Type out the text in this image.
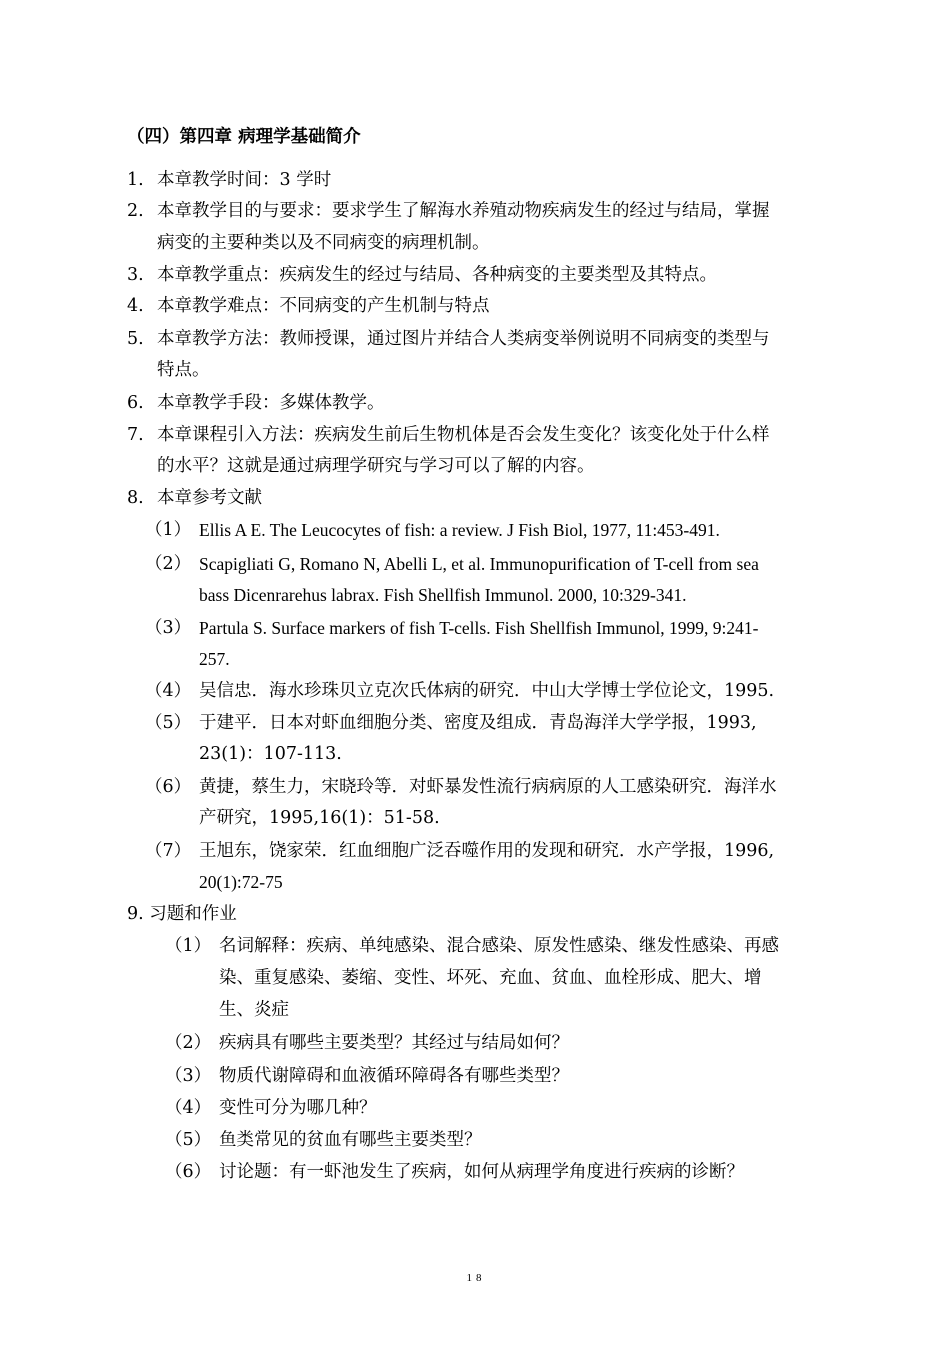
（四）第四章 病理学基础简介
1. 本章教学时间：3 学时
2. 本章教学目的与要求：要求学生了解海水养殖动物疾病发生的经过与结局，掌握
病变的主要种类以及不同病变的病理机制。
3. 本章教学重点：疾病发生的经过与结局、各种病变的主要类型及其特点。
4. 本章教学难点：不同病变的产生机制与特点
5. 本章教学方法：教师授课，通过图片并结合人类病变举例说明不同病变的类型与
特点。
6. 本章教学手段：多媒体教学。
7. 本章课程引入方法：疾病发生前后生物机体是否会发生变化？该变化处于什么样
的水平？这就是通过病理学研究与学习可以了解的内容。
8. 本章参考文献
（1） Ellis A E. The Leucocytes of fish: a review. J Fish Biol, 1977, 11:453-491.
（2） Scapigliati G, Romano N, Abelli L, et al. Immunopurification of T-cell from sea
bass Dicenrarehus labrax. Fish Shellfish Immunol. 2000, 10:329-341.
（3） Partula S. Surface markers of fish T-cells. Fish Shellfish Immunol, 1999, 9:241-
257.
（4） 吴信忠．海水珍珠贝立克次氏体病的研究．中山大学博士学位论文，1995.
（5） 于建平．日本对虾血细胞分类、密度及组成．青岛海洋大学学报，1993,
23(1)：107-113.
（6） 黄捷，蔡生力，宋晓玲等．对虾暴发性流行病病原的人工感染研究．海洋水
产研究，1995,16(1)：51-58.
（7） 王旭东，饶家荣．红血细胞广泛吞噬作用的发现和研究．水产学报，1996,
20(1):72-75
9. 习题和作业
（1） 名词解释：疾病、单纯感染、混合感染、原发性感染、继发性感染、再感
染、重复感染、萎缩、变性、坏死、充血、贫血、血栓形成、肥大、增
生、炎症
（2） 疾病具有哪些主要类型？其经过与结局如何？
（3） 物质代谢障碍和血液循环障碍各有哪些类型？
（4） 变性可分为哪几种？
（5） 鱼类常见的贫血有哪些主要类型？
（6） 讨论题：有一虾池发生了疾病，如何从病理学角度进行疾病的诊断？
18
